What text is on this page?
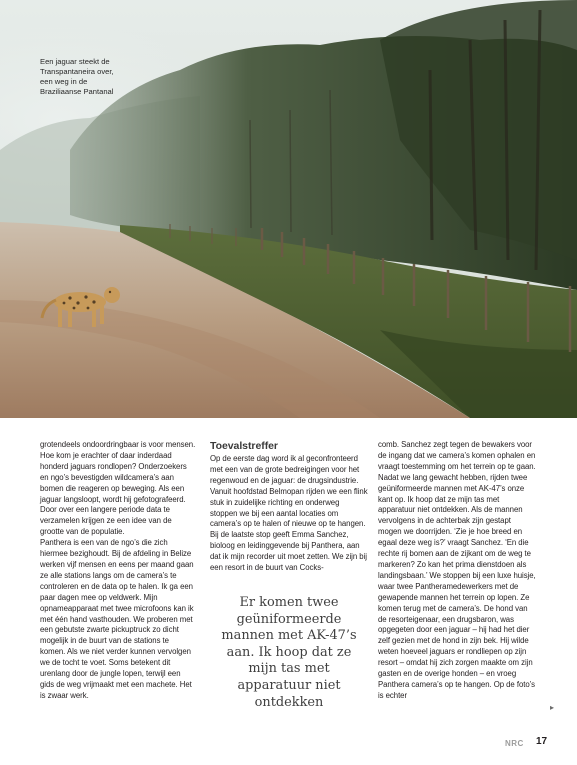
Een jaguar steekt de Transpantaneira over, een weg in de Braziliaanse Pantanal

grotendeels ondoordringbaar is voor mensen. Hoe kom je erachter of daar inderdaad honderd jaguars rondlopen? Onderzoekers en ngo’s bevestigden wildcamera’s aan bomen die reageren op beweging. Als een jaguar langsloopt, wordt hij gefotografeerd. Door over een langere periode data te verzamelen krijgen ze een idee van de grootte van de populatie.
Panthera is een van de ngo’s die zich hiermee bezighoudt. Bij de afdeling in Belize werken vijf mensen en eens per maand gaan ze alle stations langs om de camera’s te controleren en de data op te halen. Ik ga een paar dagen mee op veldwerk. Mijn opnameapparaat met twee microfoons kan ik met één hand vasthouden. We proberen met een gebutste zwarte pickuptruck zo dicht mogelijk in de buurt van de stations te komen. Als we niet verder kunnen vervolgen we de tocht te voet. Soms betekent dit urenlang door de jungle lopen, terwijl een gids de weg vrijmaakt met een machete. Het is zwaar werk.

Toevalstreffer

Op de eerste dag word ik al geconfronteerd met een van de grote bedreigingen voor het regenwoud en de jaguar: de drugsindustrie. Vanuit hoofdstad Belmopan rijden we een flink stuk in zuidelijke richting en onderweg stoppen we bij een aantal locaties om camera’s op te halen of nieuwe op te hangen. Bij de laatste stop geeft Emma Sanchez, bioloog en leidinggevende bij Panthera, aan dat ik mijn recorder uit moet zetten. We zijn bij een resort in de buurt van Cocks-

Er komen twee geüniformeerde mannen met AK-47’s aan. Ik hoop dat ze mijn tas met apparatuur niet ontdekken

comb. Sanchez zegt tegen de bewakers voor de ingang dat we camera’s komen ophalen en vraagt toestemming om het terrein op te gaan. Nadat we lang gewacht hebben, rijden twee geüniformeerde mannen met AK-47’s onze kant op. Ik hoop dat ze mijn tas met apparatuur niet ontdekken. Als de mannen vervolgens in de achterbak zijn gestapt mogen we doorrijden. ‘Zie je hoe breed en egaal deze weg is?’ vraagt Sanchez. ‘En die rechte rij bomen aan de zijkant om de weg te markeren? Zo kan het prima dienstdoen als landingsbaan.’ We stoppen bij een luxe huisje, waar twee Pantheramedewerkers met de gewapende mannen het terrein op lopen. Ze komen terug met de camera’s. De hond van de resorteigenaar, een drugsbaron, was opgegeten door een jaguar – hij had het dier zelf gezien met de hond in zijn bek. Hij wilde weten hoeveel jaguars er rondliepen op zijn resort – omdat hij zich zorgen maakte om zijn gasten en de overige honden – en vroeg Panthera camera’s op te hangen. Op de foto’s is echter

▸
NRC 17
